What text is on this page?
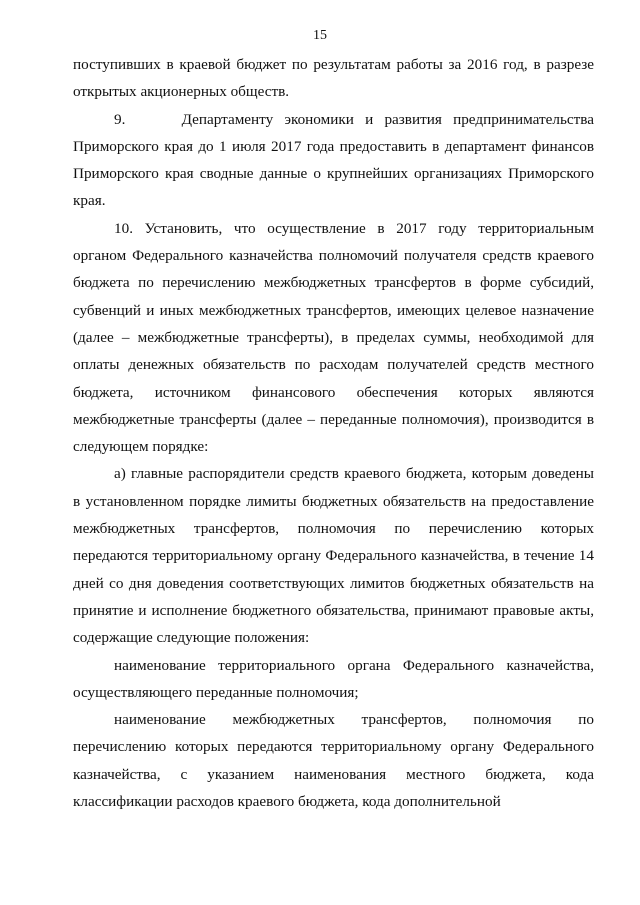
15

поступивших в краевой бюджет по результатам работы за 2016 год, в разрезе открытых акционерных обществ.

9.     Департаменту экономики и развития предпринимательства Приморского края до 1 июля 2017 года предоставить в департамент финансов Приморского края сводные данные о крупнейших организациях Приморского края.

10. Установить, что осуществление в 2017 году территориальным органом Федерального казначейства полномочий получателя средств краевого бюджета по перечислению межбюджетных трансфертов в форме субсидий, субвенций и иных межбюджетных трансфертов, имеющих целевое назначение (далее – межбюджетные трансферты), в пределах суммы, необходимой для оплаты денежных обязательств по расходам получателей средств местного бюджета, источником финансового обеспечения которых являются межбюджетные трансферты (далее – переданные полномочия), производится в следующем порядке:

а) главные распорядители средств краевого бюджета, которым доведены в установленном порядке лимиты бюджетных обязательств на предоставление межбюджетных трансфертов, полномочия по перечислению которых передаются территориальному органу Федерального казначейства, в течение 14 дней со дня доведения соответствующих лимитов бюджетных обязательств на принятие и исполнение бюджетного обязательства, принимают правовые акты, содержащие следующие положения:

наименование территориального органа Федерального казначейства, осуществляющего переданные полномочия;

наименование межбюджетных трансфертов, полномочия по перечислению которых передаются территориальному органу Федерального казначейства, с указанием наименования местного бюджета, кода классификации расходов краевого бюджета, кода дополнительной
